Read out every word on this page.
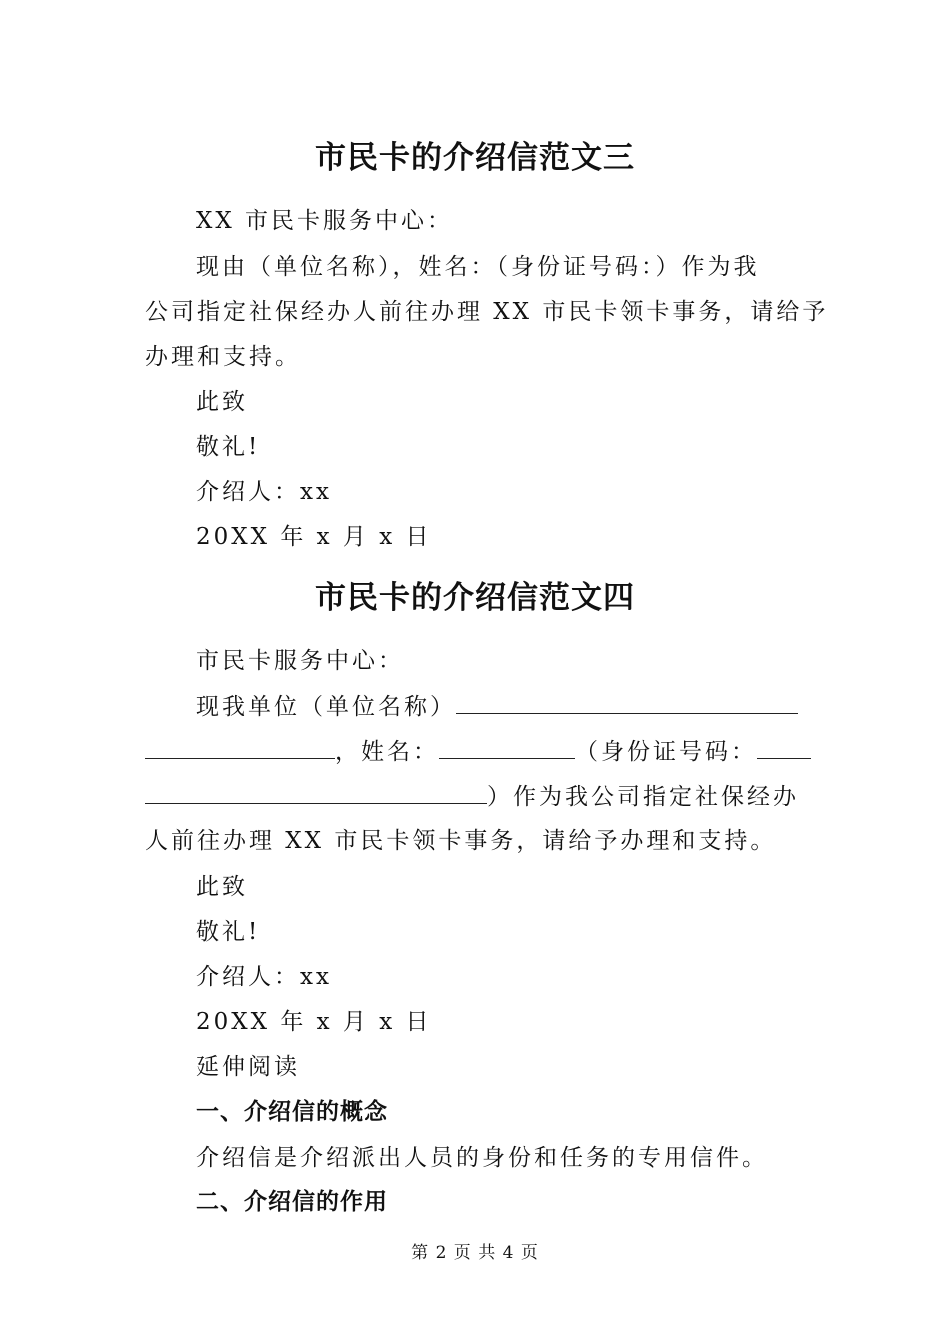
市民卡的介绍信范文三
XX 市民卡服务中心：
现由（单位名称），姓名：（身份证号码：）作为我
公司指定社保经办人前往办理 XX 市民卡领卡事务，请给予
办理和支持。
此致
敬礼!
介绍人：xx
20XX 年 x 月 x 日
市民卡的介绍信范文四
市民卡服务中心：
现我单位（单位名称）
，姓名：	（身份证号码：
）作为我公司指定社保经办
人前往办理 XX 市民卡领卡事务，请给予办理和支持。
此致
敬礼!
介绍人：xx
20XX 年 x 月 x 日
延伸阅读
一、介绍信的概念
介绍信是介绍派出人员的身份和任务的专用信件。
二、介绍信的作用
第 2 页 共 4 页
